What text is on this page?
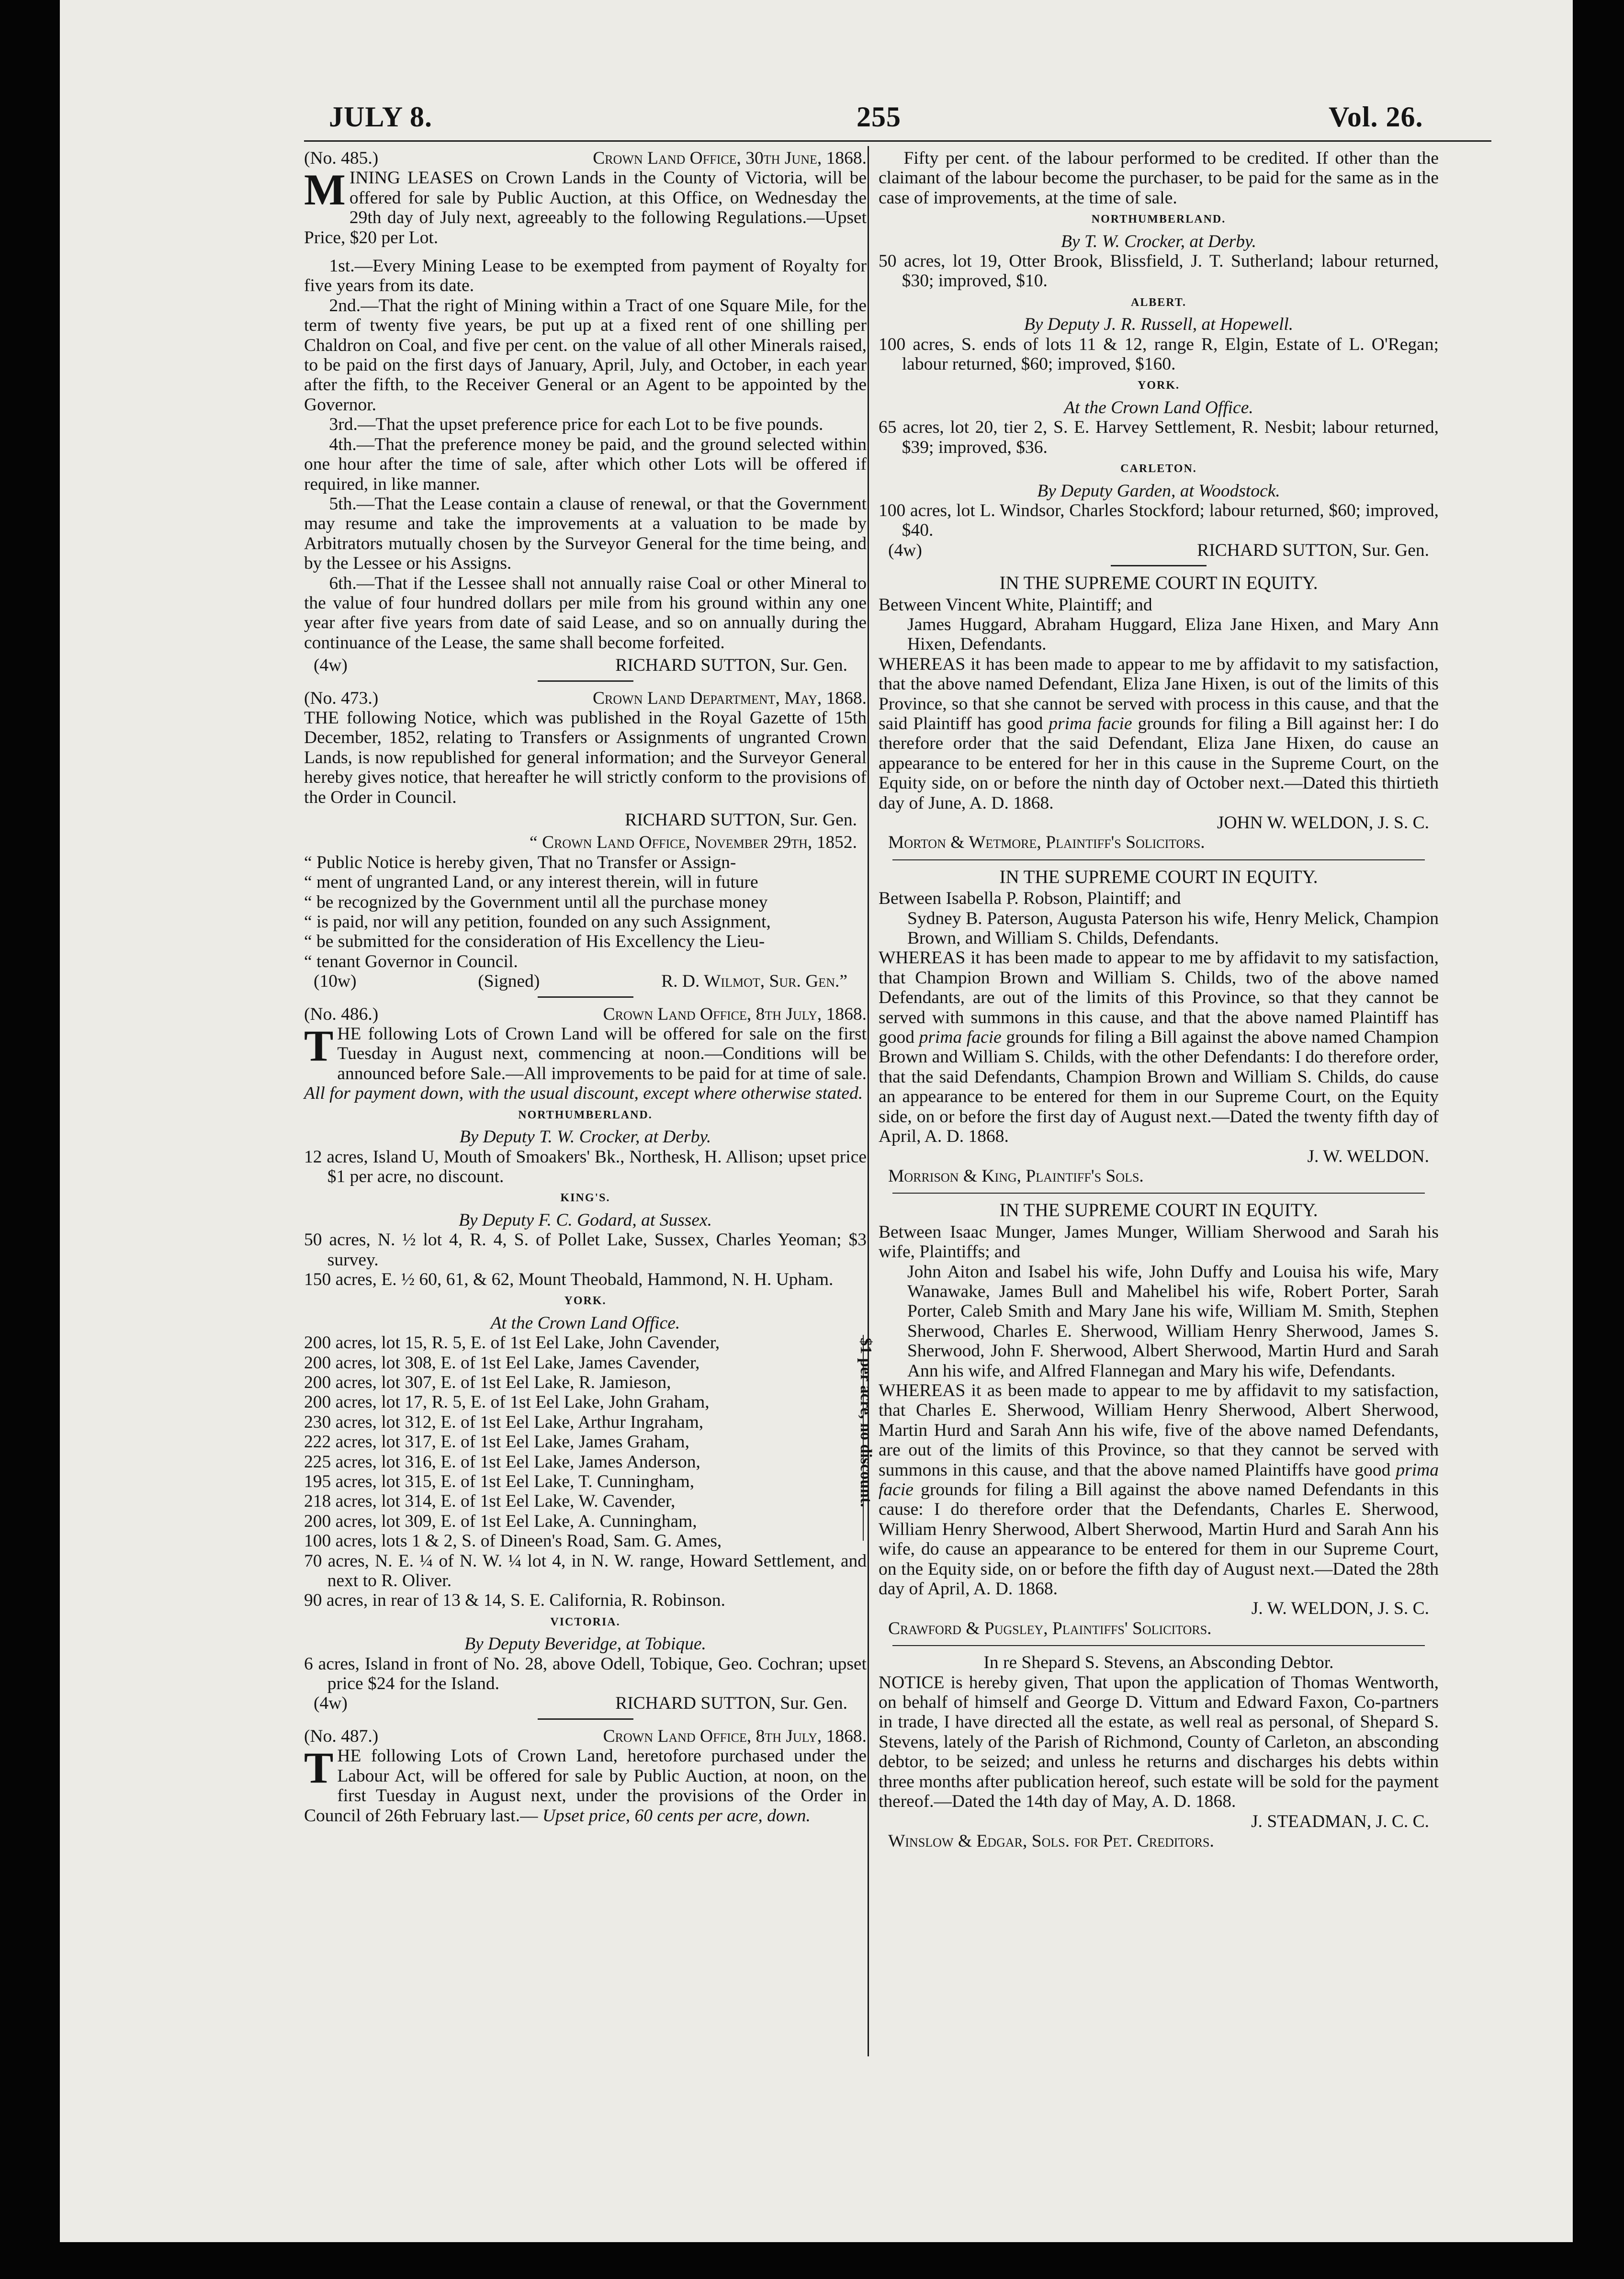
JULY 8.	255	Vol. 26.
(No. 485.)	Crown Land Office, 30th June, 1868.

MINING LEASES on Crown Lands in the County of Victoria, will be offered for sale by Public Auction, at this Office, on Wednesday the 29th day of July next, agreeably to the following Regulations.—Upset Price, $20 per Lot.

1st.—Every Mining Lease to be exempted from payment of Royalty for five years from its date.

2nd.—That the right of Mining within a Tract of one Square Mile, for the term of twenty five years, be put up at a fixed rent of one shilling per Chaldron on Coal, and five per cent. on the value of all other Minerals raised, to be paid on the first days of January, April, July, and October, in each year after the fifth, to the Receiver General or an Agent to be appointed by the Governor.

3rd.—That the upset preference price for each Lot to be five pounds.

4th.—That the preference money be paid, and the ground selected within one hour after the time of sale, after which other Lots will be offered if required, in like manner.

5th.—That the Lease contain a clause of renewal, or that the Government may resume and take the improvements at a valuation to be made by Arbitrators mutually chosen by the Surveyor General for the time being, and by the Lessee or his Assigns.

6th.—That if the Lessee shall not annually raise Coal or other Mineral to the value of four hundred dollars per mile from his ground within any one year after five years from date of said Lease, and so on annually during the continuance of the Lease, the same shall become forfeited.

(4w)	RICHARD SUTTON, Sur. Gen.
(No. 473.)	Crown Land Department, May, 1868.

THE following Notice, which was published in the Royal Gazette of 15th December, 1852, relating to Transfers or Assignments of ungranted Crown Lands, is now republished for general information; and the Surveyor General hereby gives notice, that hereafter he will strictly conform to the provisions of the Order in Council.

RICHARD SUTTON, Sur. Gen.

“ Crown Land Office, November 29th, 1852.

“ Public Notice is hereby given, That no Transfer or Assign-

“ ment of ungranted Land, or any interest therein, will in future

“ be recognized by the Government until all the purchase money

“ is paid, nor will any petition, founded on any such Assignment,

“ be submitted for the consideration of His Excellency the Lieu-

“ tenant Governor in Council.

(10w)	(Signed)	R. D. Wilmot, Sur. Gen.”
(No. 486.)	Crown Land Office, 8th July, 1868.

THE following Lots of Crown Land will be offered for sale on the first Tuesday in August next, commencing at noon.—Conditions will be announced before Sale.—All improvements to be paid for at time of sale. All for payment down, with the usual discount, except where otherwise stated.

NORTHUMBERLAND.

By Deputy T. W. Crocker, at Derby.

12 acres, Island U, Mouth of Smoakers' Bk., Northesk, H. Allison; upset price $1 per acre, no discount.

KING'S.

By Deputy F. C. Godard, at Sussex.

50 acres, N. ½ lot 4, R. 4, S. of Pollet Lake, Sussex, Charles Yeoman; $3 survey.

150 acres, E. ½ 60, 61, & 62, Mount Theobald, Hammond, N. H. Upham.

YORK.

At the Crown Land Office.

200 acres, lot 15, R. 5, E. of 1st Eel Lake, John Cavender,

200 acres, lot 308, E. of 1st Eel Lake, James Cavender,

200 acres, lot 307, E. of 1st Eel Lake, R. Jamieson,

200 acres, lot 17, R. 5, E. of 1st Eel Lake, John Graham,

230 acres, lot 312, E. of 1st Eel Lake, Arthur Ingraham,

222 acres, lot 317, E. of 1st Eel Lake, James Graham,

225 acres, lot 316, E. of 1st Eel Lake, James Anderson,

195 acres, lot 315, E. of 1st Eel Lake, T. Cunningham,

218 acres, lot 314, E. of 1st Eel Lake, W. Cavender,

200 acres, lot 309, E. of 1st Eel Lake, A. Cunningham,

100 acres, lots 1 & 2, S. of Dineen's Road, Sam. G. Ames,

$1 per acre, no discount.

70 acres, N. E. ¼ of N. W. ¼ lot 4, in N. W. range, Howard Settlement, and next to R. Oliver.

90 acres, in rear of 13 & 14, S. E. California, R. Robinson.

VICTORIA.

By Deputy Beveridge, at Tobique.

6 acres, Island in front of No. 28, above Odell, Tobique, Geo. Cochran; upset price $24 for the Island.

(4w)	RICHARD SUTTON, Sur. Gen.
(No. 487.)	Crown Land Office, 8th July, 1868.

THE following Lots of Crown Land, heretofore purchased under the Labour Act, will be offered for sale by Public Auction, at noon, on the first Tuesday in August next, under the provisions of the Order in Council of 26th February last.— Upset price, 60 cents per acre, down.

Fifty per cent. of the labour performed to be credited. If other than the claimant of the labour become the purchaser, to be paid for the same as in the case of improvements, at the time of sale.

NORTHUMBERLAND.

By T. W. Crocker, at Derby.

50 acres, lot 19, Otter Brook, Blissfield, J. T. Sutherland; labour returned, $30; improved, $10.

ALBERT.

By Deputy J. R. Russell, at Hopewell.

100 acres, S. ends of lots 11 & 12, range R, Elgin, Estate of L. O'Regan; labour returned, $60; improved, $160.

YORK.

At the Crown Land Office.

65 acres, lot 20, tier 2, S. E. Harvey Settlement, R. Nesbit; labour returned, $39; improved, $36.

CARLETON.

By Deputy Garden, at Woodstock.

100 acres, lot L. Windsor, Charles Stockford; labour returned, $60; improved, $40.

(4w)	RICHARD SUTTON, Sur. Gen.

IN THE SUPREME COURT IN EQUITY.

Between Vincent White, Plaintiff; and

James Huggard, Abraham Huggard, Eliza Jane Hixen, and Mary Ann Hixen, Defendants.

WHEREAS it has been made to appear to me by affidavit to my satisfaction, that the above named Defendant, Eliza Jane Hixen, is out of the limits of this Province, so that she cannot be served with process in this cause, and that the said Plaintiff has good prima facie grounds for filing a Bill against her: I do therefore order that the said Defendant, Eliza Jane Hixen, do cause an appearance to be entered for her in this cause in the Supreme Court, on the Equity side, on or before the ninth day of October next.—Dated this thirtieth day of June, A. D. 1868.

JOHN W. WELDON, J. S. C.

Morton & Wetmore, Plaintiff's Solicitors.

IN THE SUPREME COURT IN EQUITY.

Between Isabella P. Robson, Plaintiff; and

Sydney B. Paterson, Augusta Paterson his wife, Henry Melick, Champion Brown, and William S. Childs, Defendants.

WHEREAS it has been made to appear to me by affidavit to my satisfaction, that Champion Brown and William S. Childs, two of the above named Defendants, are out of the limits of this Province, so that they cannot be served with summons in this cause, and that the above named Plaintiff has good prima facie grounds for filing a Bill against the above named Champion Brown and William S. Childs, with the other Defendants: I do therefore order, that the said Defendants, Champion Brown and William S. Childs, do cause an appearance to be entered for them in our Supreme Court, on the Equity side, on or before the first day of August next.—Dated the twenty fifth day of April, A. D. 1868.

J. W. WELDON.

Morrison & King, Plaintiff's Sols.

IN THE SUPREME COURT IN EQUITY.

Between Isaac Munger, James Munger, William Sherwood and Sarah his wife, Plaintiffs; and

John Aiton and Isabel his wife, John Duffy and Louisa his wife, Mary Wanawake, James Bull and Mahelibel his wife, Robert Porter, Sarah Porter, Caleb Smith and Mary Jane his wife, William M. Smith, Stephen Sherwood, Charles E. Sherwood, William Henry Sherwood, James S. Sherwood, John F. Sherwood, Albert Sherwood, Martin Hurd and Sarah Ann his wife, and Alfred Flannegan and Mary his wife, Defendants.

WHEREAS it as been made to appear to me by affidavit to my satisfaction, that Charles E. Sherwood, William Henry Sherwood, Albert Sherwood, Martin Hurd and Sarah Ann his wife, five of the above named Defendants, are out of the limits of this Province, so that they cannot be served with summons in this cause, and that the above named Plaintiffs have good prima facie grounds for filing a Bill against the above named Defendants in this cause: I do therefore order that the Defendants, Charles E. Sherwood, William Henry Sherwood, Albert Sherwood, Martin Hurd and Sarah Ann his wife, do cause an appearance to be entered for them in our Supreme Court, on the Equity side, on or before the fifth day of August next.—Dated the 28th day of April, A. D. 1868.

J. W. WELDON, J. S. C.

Crawford & Pugsley, Plaintiffs' Solicitors.

In re Shepard S. Stevens, an Absconding Debtor.

NOTICE is hereby given, That upon the application of Thomas Wentworth, on behalf of himself and George D. Vittum and Edward Faxon, Co-partners in trade, I have directed all the estate, as well real as personal, of Shepard S. Stevens, lately of the Parish of Richmond, County of Carleton, an absconding debtor, to be seized; and unless he returns and discharges his debts within three months after publication hereof, such estate will be sold for the payment thereof.—Dated the 14th day of May, A. D. 1868.

J. STEADMAN, J. C. C.

Winslow & Edgar, Sols. for Pet. Creditors.
